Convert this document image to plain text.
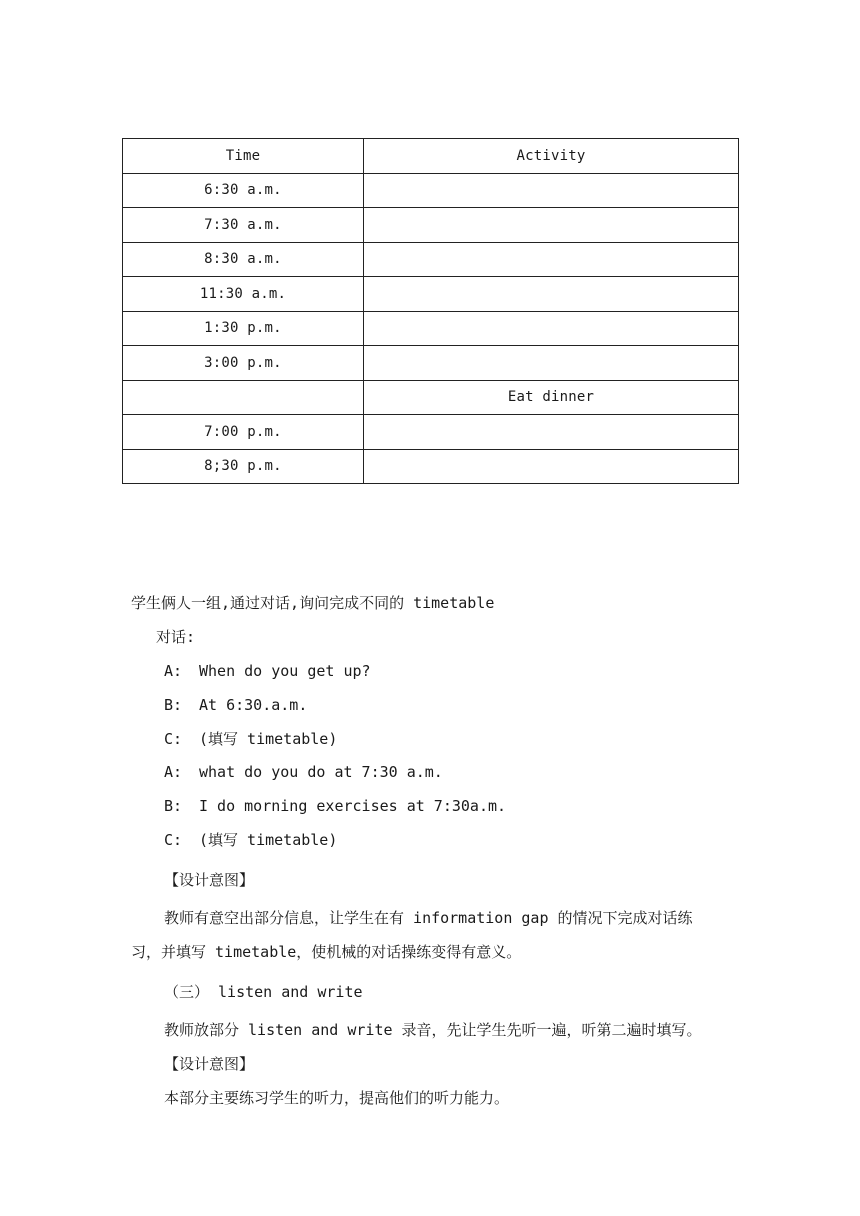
Time	Activity
6:30 a.m.	
7:30 a.m.	
8:30 a.m.	
11:30 a.m.	
1:30 p.m.	
3:00 p.m.	
	Eat dinner
7:00 p.m.	
8;30 p.m.	
学生俩人一组,通过对话,询问完成不同的 timetable
对话:
A: When do you get up?
B: At 6:30.a.m.
C: (填写 timetable)
A: what do you do at 7:30 a.m.
B: I do morning exercises at 7:30a.m.
C: (填写 timetable)
【设计意图】
教师有意空出部分信息，让学生在有 information gap 的情况下完成对话练
习，并填写 timetable，使机械的对话操练变得有意义。
（三） listen and write
教师放部分 listen and write 录音，先让学生先听一遍，听第二遍时填写。
【设计意图】
本部分主要练习学生的听力，提高他们的听力能力。
